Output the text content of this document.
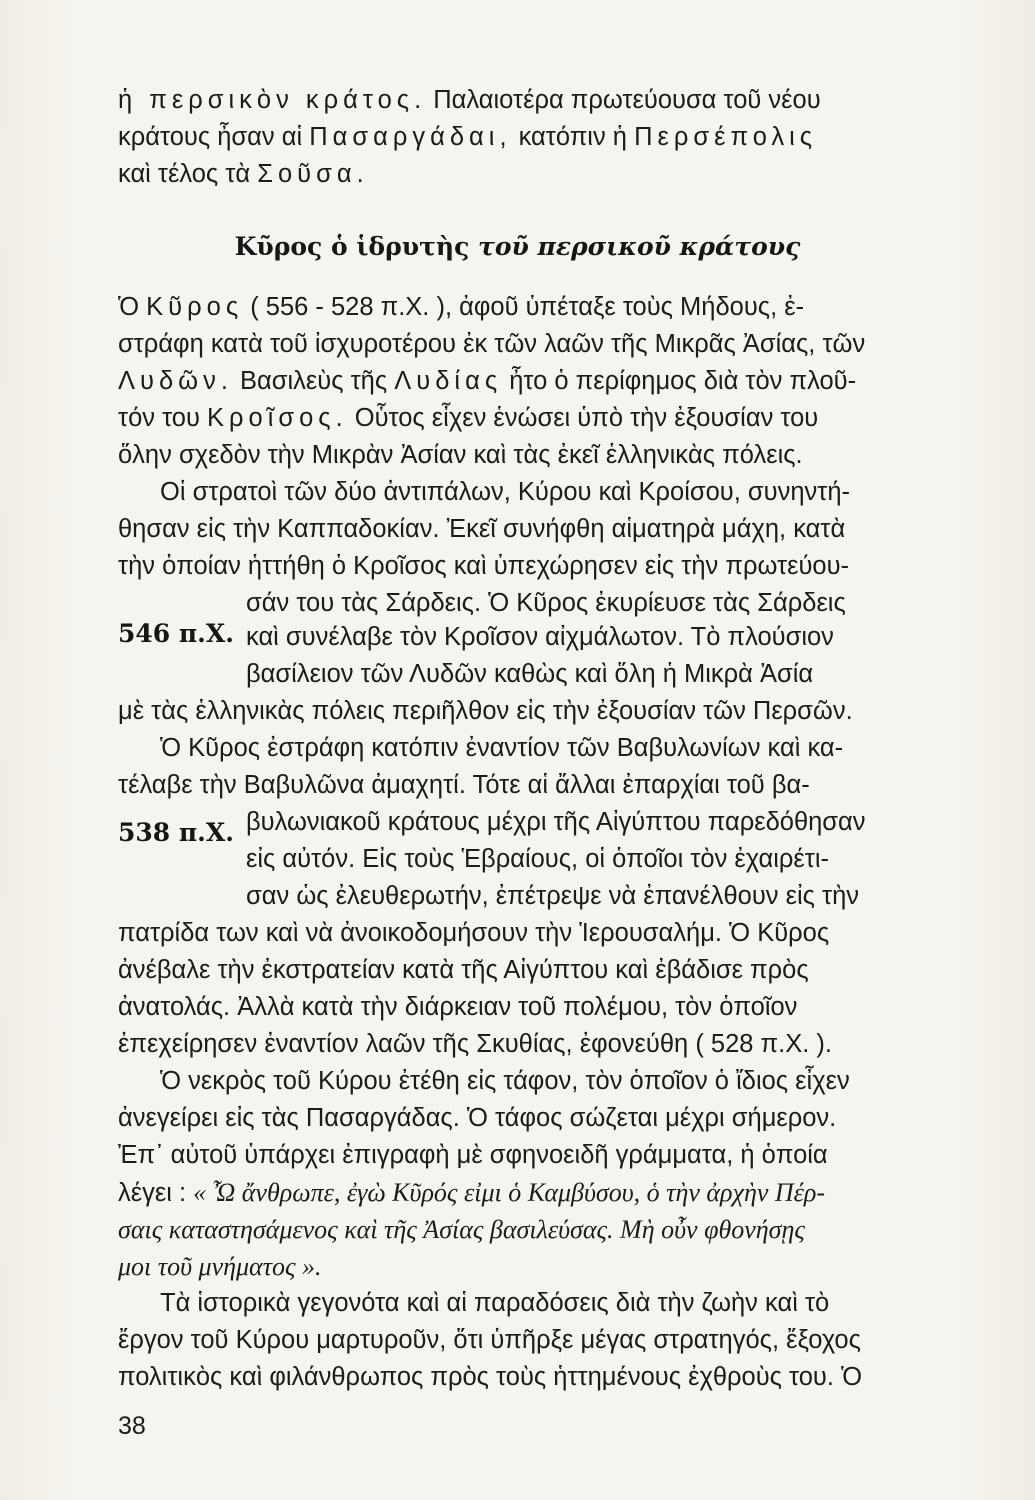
ἡ περσικὸν κράτος. Παλαιοτέρα πρωτεύουσα τοῦ νέου
κράτους ἦσαν αἱ Πασαργάδαι, κατόπιν ἡ Περσέπολις
καὶ τέλος τὰ Σοῦσα.
Κῦρος ὁ ἱδρυτὴς τοῦ περσικοῦ κράτους
Ὁ Κῦρος ( 556 - 528 π.Χ. ), ἀφοῦ ὑπέταξε τοὺς Μήδους, ἐ-
στράφη κατὰ τοῦ ἰσχυροτέρου ἐκ τῶν λαῶν τῆς Μικρᾶς Ἀσίας, τῶν
Λυδῶν. Βασιλεὺς τῆς Λυδίας ἦτο ὁ περίφημος διὰ τὸν πλοῦ-
τόν του Κροῖσος. Οὗτος εἶχεν ἑνώσει ὑπὸ τὴν ἐξουσίαν του
ὅλην σχεδὸν τὴν Μικρὰν Ἀσίαν καὶ τὰς ἐκεῖ ἑλληνικὰς πόλεις.
Οἱ στρατοὶ τῶν δύο ἀντιπάλων, Κύρου καὶ Κροίσου, συνηντή-
θησαν εἰς τὴν Καππαδοκίαν. Ἐκεῖ συνήφθη αἱματηρὰ μάχη, κατὰ
τὴν ὁποίαν ἡττήθη ὁ Κροῖσος καὶ ὑπεχώρησεν εἰς τὴν πρωτεύου-
σάν του τὰς Σάρδεις. Ὁ Κῦρος ἐκυρίευσε τὰς Σάρδεις
546 π.Χ. καὶ συνέλαβε τὸν Κροῖσον αἰχμάλωτον. Τὸ πλούσιον
βασίλειον τῶν Λυδῶν καθὼς καὶ ὅλη ἡ Μικρὰ Ἀσία
μὲ τὰς ἑλληνικὰς πόλεις περιῆλθον εἰς τὴν ἐξουσίαν τῶν Περσῶν.
Ὁ Κῦρος ἐστράφη κατόπιν ἐναντίον τῶν Βαβυλωνίων καὶ κα-
τέλαβε τὴν Βαβυλῶνα ἀμαχητί. Τότε αἱ ἄλλαι ἐπαρχίαι τοῦ βα-
βυλωνιακοῦ κράτους μέχρι τῆς Αἰγύπτου παρεδόθησαν
538 π.Χ.
εἰς αὐτόν. Εἰς τοὺς Ἑβραίους, οἱ ὁποῖοι τὸν ἐχαιρέτι-
σαν ὡς ἐλευθερωτήν, ἐπέτρεψε νὰ ἐπανέλθουν εἰς τὴν
πατρίδα των καὶ νὰ ἀνοικοδομήσουν τὴν Ἱερουσαλήμ. Ὁ Κῦρος
ἀνέβαλε τὴν ἐκστρατείαν κατὰ τῆς Αἰγύπτου καὶ ἐβάδισε πρὸς
ἀνατολάς. Ἀλλὰ κατὰ τὴν διάρκειαν τοῦ πολέμου, τὸν ὁποῖον
ἐπεχείρησεν ἐναντίον λαῶν τῆς Σκυθίας, ἐφονεύθη ( 528 π.Χ. ).
Ὁ νεκρὸς τοῦ Κύρου ἐτέθη εἰς τάφον, τὸν ὁποῖον ὁ ἴδιος εἶχεν
ἀνεγείρει εἰς τὰς Πασαργάδας. Ὁ τάφος σώζεται μέχρι σήμερον.
Ἐπ᾽ αὐτοῦ ὑπάρχει ἐπιγραφὴ μὲ σφηνοειδῆ γράμματα, ἡ ὁποία
λέγει : « Ὦ ἄνθρωπε, ἐγὼ Κῦρός εἰμι ὁ Καμβύσου, ὁ τὴν ἀρχὴν Πέρ-
σαις καταστησάμενος καὶ τῆς Ἀσίας βασιλεύσας. Μὴ οὖν φθονήσῃς
μοι τοῦ μνήματος ».
Τὰ ἱστορικὰ γεγονότα καὶ αἱ παραδόσεις διὰ τὴν ζωὴν καὶ τὸ
ἔργον τοῦ Κύρου μαρτυροῦν, ὅτι ὑπῆρξε μέγας στρατηγός, ἔξοχος
πολιτικὸς καὶ φιλάνθρωπος πρὸς τοὺς ἡττημένους ἐχθροὺς του. Ὁ
38
